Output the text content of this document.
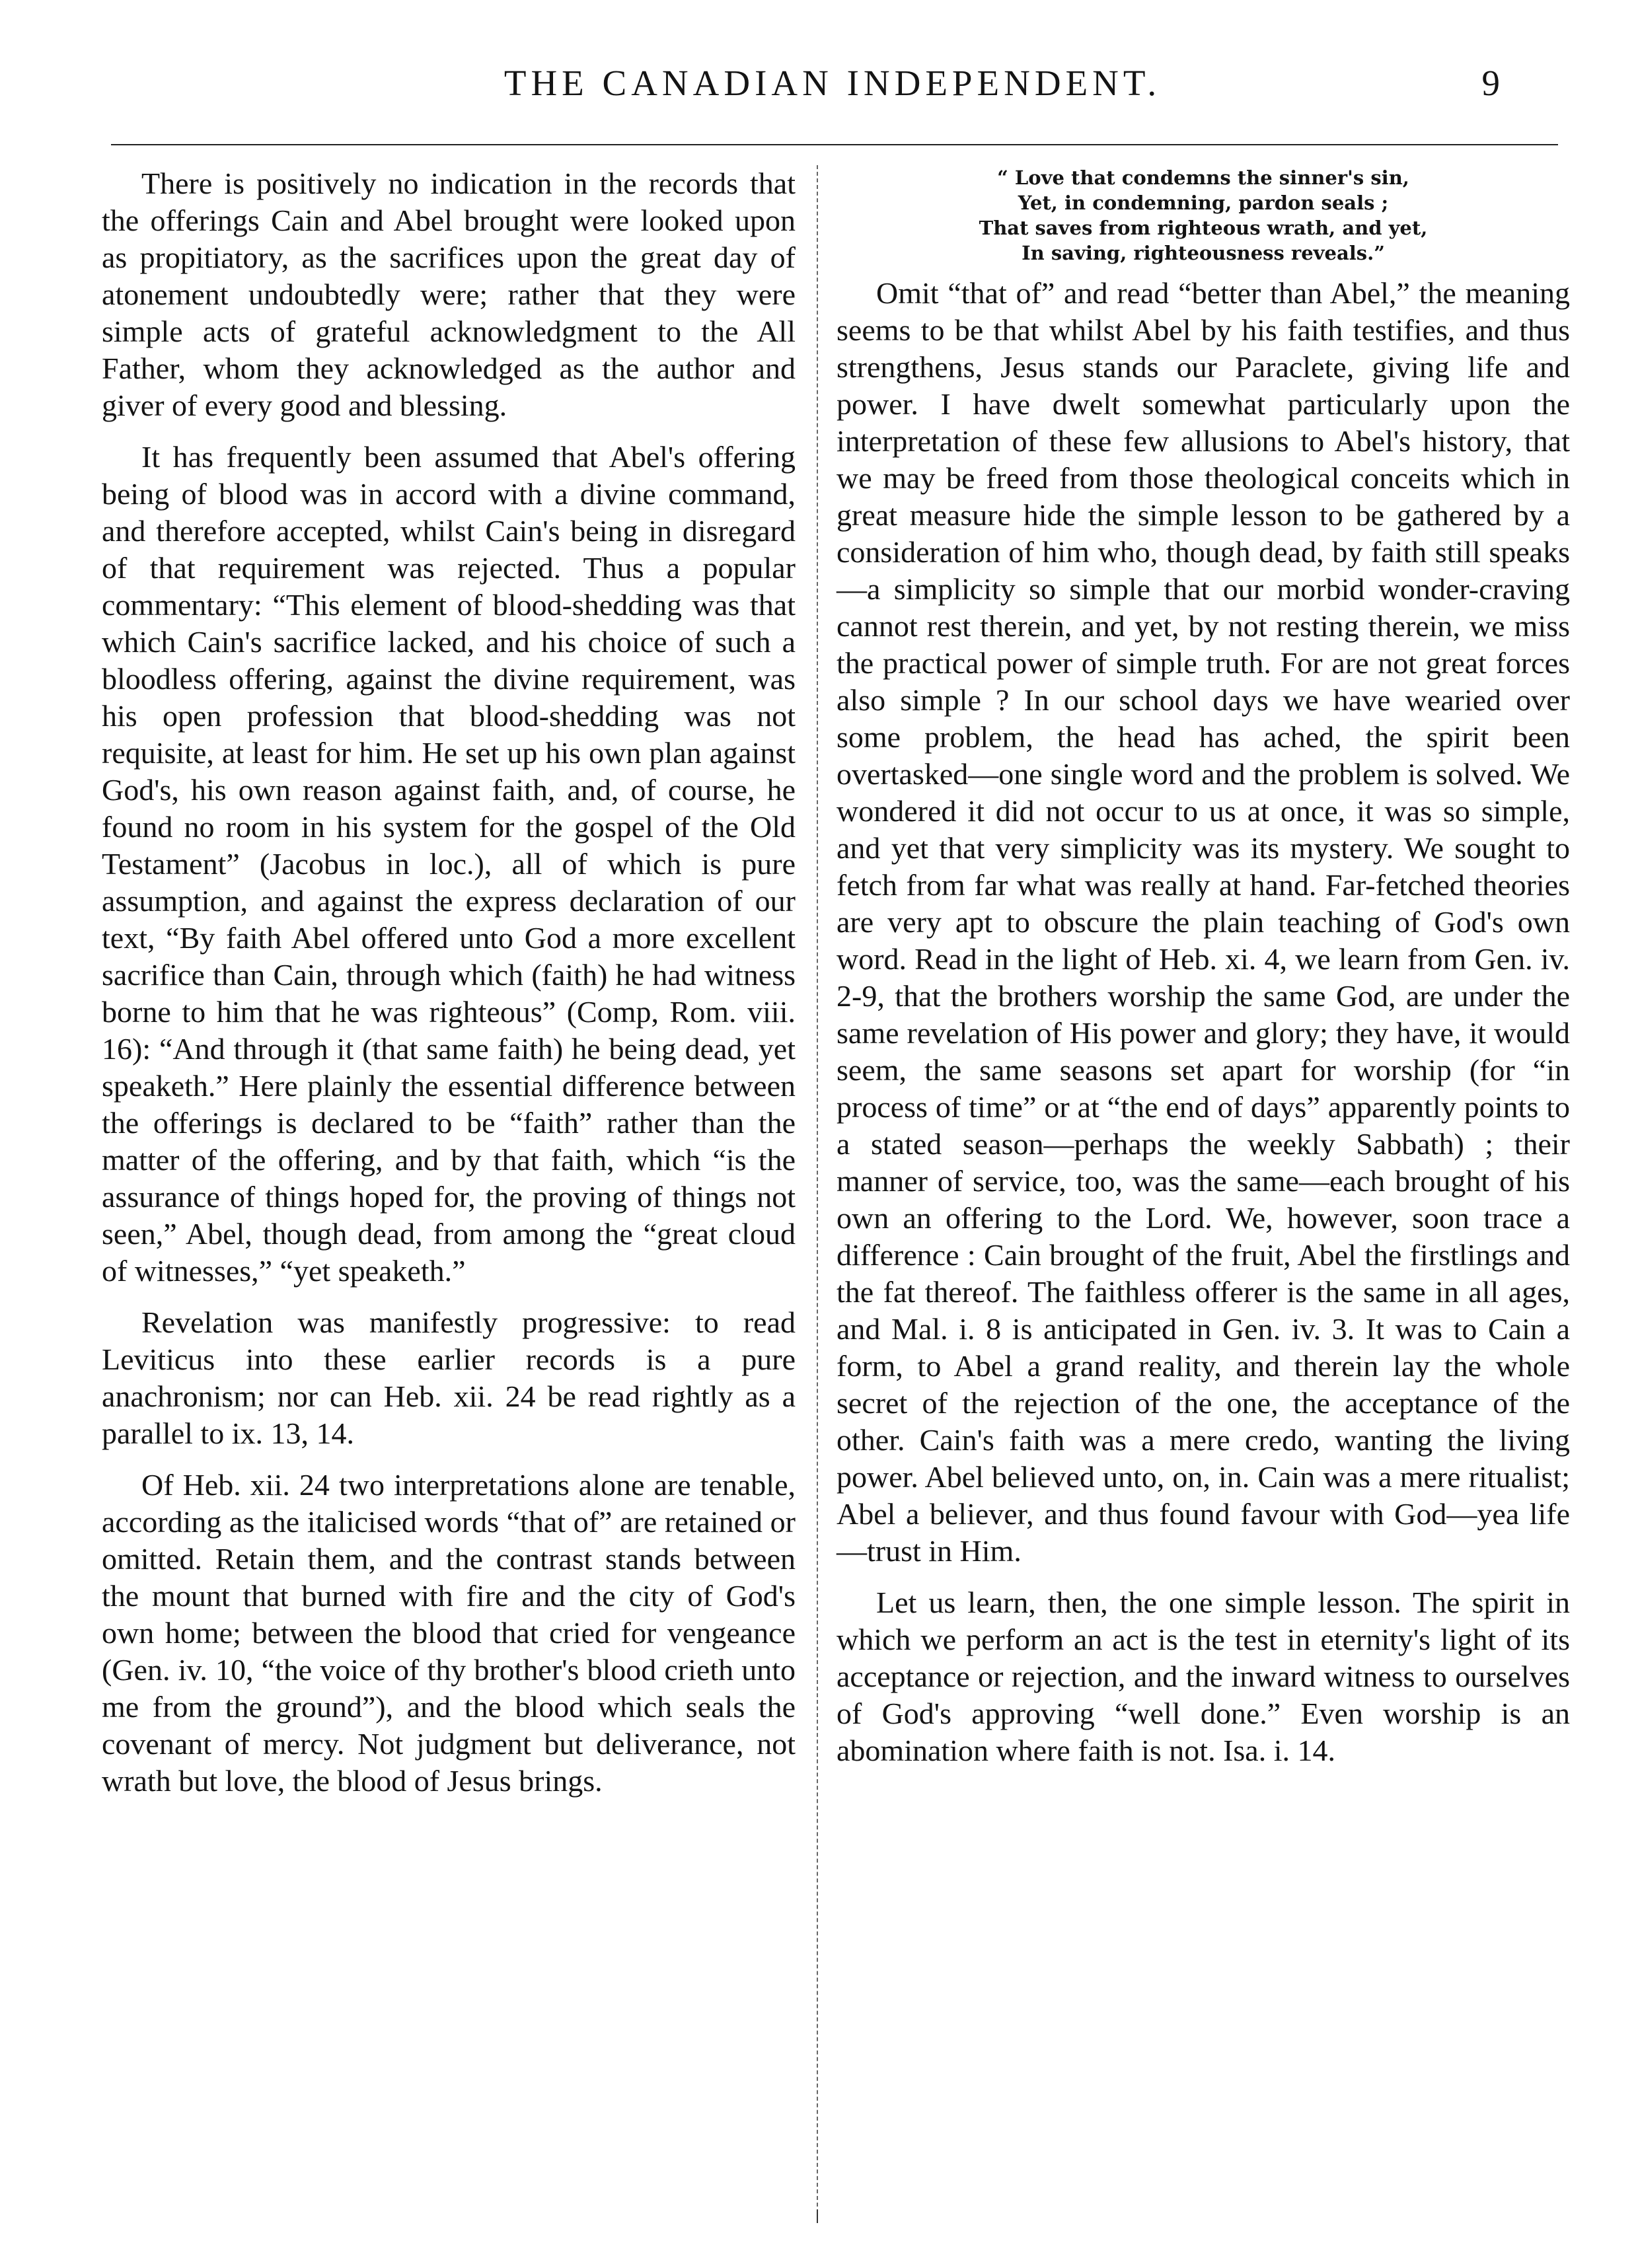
THE CANADIAN INDEPENDENT.	9

There is positively no indication in the records that the offerings Cain and Abel brought were looked upon as propitiatory, as the sacrifices upon the great day of atonement undoubtedly were; rather that they were simple acts of grateful acknowledgment to the All Father, whom they acknowledged as the author and giver of every good and blessing.

It has frequently been assumed that Abel's offering being of blood was in accord with a divine command, and therefore accepted, whilst Cain's being in disregard of that requirement was rejected. Thus a popular commentary: “This element of blood-shedding was that which Cain's sacrifice lacked, and his choice of such a bloodless offering, against the divine requirement, was his open profession that blood-shedding was not requisite, at least for him. He set up his own plan against God's, his own reason against faith, and, of course, he found no room in his system for the gospel of the Old Testament” (Jacobus in loc.), all of which is pure assumption, and against the express declaration of our text, “By faith Abel offered unto God a more excellent sacrifice than Cain, through which (faith) he had witness borne to him that he was righteous” (Comp, Rom. viii. 16): “And through it (that same faith) he being dead, yet speaketh.” Here plainly the essential difference between the offerings is declared to be “faith” rather than the matter of the offering, and by that faith, which “is the assurance of things hoped for, the proving of things not seen,” Abel, though dead, from among the “great cloud of witnesses,” “yet speaketh.”

Revelation was manifestly progressive: to read Leviticus into these earlier records is a pure anachronism; nor can Heb. xii. 24 be read rightly as a parallel to ix. 13, 14.

Of Heb. xii. 24 two interpretations alone are tenable, according as the italicised words “that of” are retained or omitted. Retain them, and the contrast stands between the mount that burned with fire and the city of God's own home; between the blood that cried for vengeance (Gen. iv. 10, “the voice of thy brother's blood crieth unto me from the ground”), and the blood which seals the covenant of mercy. Not judgment but deliverance, not wrath but love, the blood of Jesus brings.

“ Love that condemns the sinner's sin,
Yet, in condemning, pardon seals ;
That saves from righteous wrath, and yet,
In saving, righteousness reveals.”

Omit “that of” and read “better than Abel,” the meaning seems to be that whilst Abel by his faith testifies, and thus strengthens, Jesus stands our Paraclete, giving life and power. I have dwelt somewhat particularly upon the interpretation of these few allusions to Abel's history, that we may be freed from those theological conceits which in great measure hide the simple lesson to be gathered by a consideration of him who, though dead, by faith still speaks—a simplicity so simple that our morbid wonder-craving cannot rest therein, and yet, by not resting therein, we miss the practical power of simple truth. For are not great forces also simple ? In our school days we have wearied over some problem, the head has ached, the spirit been overtasked—one single word and the problem is solved. We wondered it did not occur to us at once, it was so simple, and yet that very simplicity was its mystery. We sought to fetch from far what was really at hand. Far-fetched theories are very apt to obscure the plain teaching of God's own word. Read in the light of Heb. xi. 4, we learn from Gen. iv. 2-9, that the brothers worship the same God, are under the same revelation of His power and glory; they have, it would seem, the same seasons set apart for worship (for “in process of time” or at “the end of days” apparently points to a stated season—perhaps the weekly Sabbath) ; their manner of service, too, was the same—each brought of his own an offering to the Lord. We, however, soon trace a difference : Cain brought of the fruit, Abel the firstlings and the fat thereof. The faithless offerer is the same in all ages, and Mal. i. 8 is anticipated in Gen. iv. 3. It was to Cain a form, to Abel a grand reality, and therein lay the whole secret of the rejection of the one, the acceptance of the other. Cain's faith was a mere credo, wanting the living power. Abel believed unto, on, in. Cain was a mere ritualist; Abel a believer, and thus found favour with God—yea life—trust in Him.

Let us learn, then, the one simple lesson. The spirit in which we perform an act is the test in eternity's light of its acceptance or rejection, and the inward witness to ourselves of God's approving “well done.” Even worship is an abomination where faith is not. Isa. i. 14.
